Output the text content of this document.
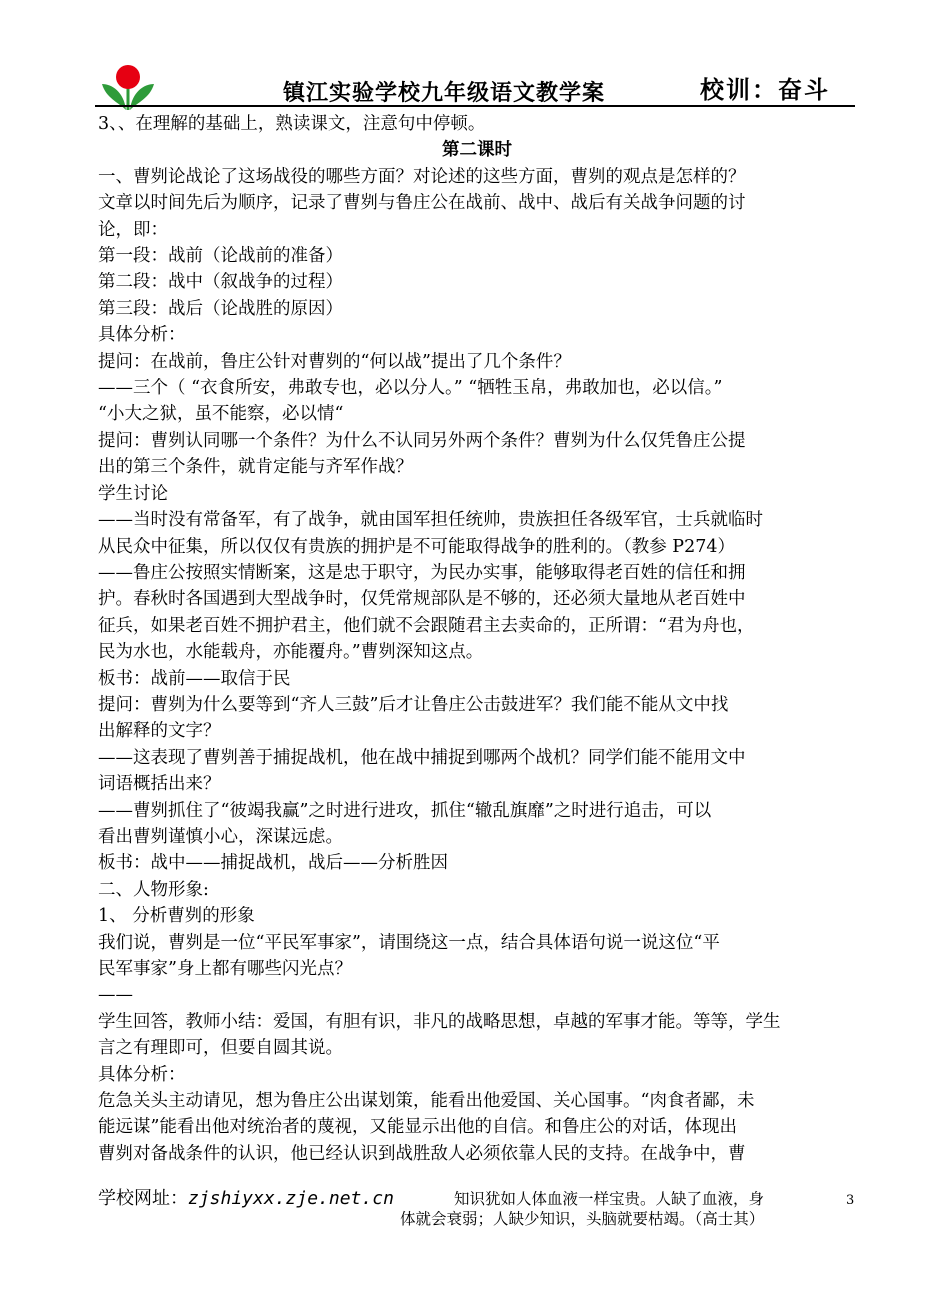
镇江实验学校九年级语文教学案	校训：奋斗

3、、在理解的基础上，熟读课文，注意句中停顿。

第二课时

一、曹刿论战论了这场战役的哪些方面？对论述的这些方面，曹刿的观点是怎样的？

文章以时间先后为顺序，记录了曹刿与鲁庄公在战前、战中、战后有关战争问题的讨

论，即：

第一段：战前（论战前的准备）

第二段：战中（叙战争的过程）

第三段：战后（论战胜的原因）

具体分析：

提问：在战前，鲁庄公针对曹刿的“何以战”提出了几个条件？

——三个（ “衣食所安，弗敢专也，必以分人。” “牺牲玉帛，弗敢加也，必以信。”

“小大之狱，虽不能察，必以情“

提问：曹刿认同哪一个条件？为什么不认同另外两个条件？曹刿为什么仅凭鲁庄公提

出的第三个条件，就肯定能与齐军作战？

学生讨论

——当时没有常备军，有了战争，就由国军担任统帅，贵族担任各级军官，士兵就临时

从民众中征集，所以仅仅有贵族的拥护是不可能取得战争的胜利的。（教参 P274）

——鲁庄公按照实情断案，这是忠于职守，为民办实事，能够取得老百姓的信任和拥

护。春秋时各国遇到大型战争时，仅凭常规部队是不够的，还必须大量地从老百姓中

征兵，如果老百姓不拥护君主，他们就不会跟随君主去卖命的，正所谓：“君为舟也，

民为水也，水能载舟，亦能覆舟。”曹刿深知这点。

板书：战前——取信于民

提问：曹刿为什么要等到“齐人三鼓”后才让鲁庄公击鼓进军？我们能不能从文中找

出解释的文字？

——这表现了曹刿善于捕捉战机，他在战中捕捉到哪两个战机？同学们能不能用文中

词语概括出来？

——曹刿抓住了“彼竭我赢”之时进行进攻，抓住“辙乱旗靡”之时进行追击，可以

看出曹刿谨慎小心，深谋远虑。

板书：战中——捕捉战机，战后——分析胜因

二、人物形象:

1、 分析曹刿的形象

我们说，曹刿是一位“平民军事家”，请围绕这一点，结合具体语句说一说这位“平

民军事家”身上都有哪些闪光点？

——

学生回答，教师小结：爱国，有胆有识，非凡的战略思想，卓越的军事才能。等等，学生

言之有理即可，但要自圆其说。

具体分析：

危急关头主动请见，想为鲁庄公出谋划策，能看出他爱国、关心国事。“肉食者鄙，未

能远谋”能看出他对统治者的蔑视，又能显示出他的自信。和鲁庄公的对话，体现出

曹刿对备战条件的认识，他已经认识到战胜敌人必须依靠人民的支持。在战争中，曹

学校网址：zjshiyxx.zje.net.cn	知识犹如人体血液一样宝贵。人缺了血液，身
体就会衰弱；人缺少知识，头脑就要枯竭。（高士其）
3
